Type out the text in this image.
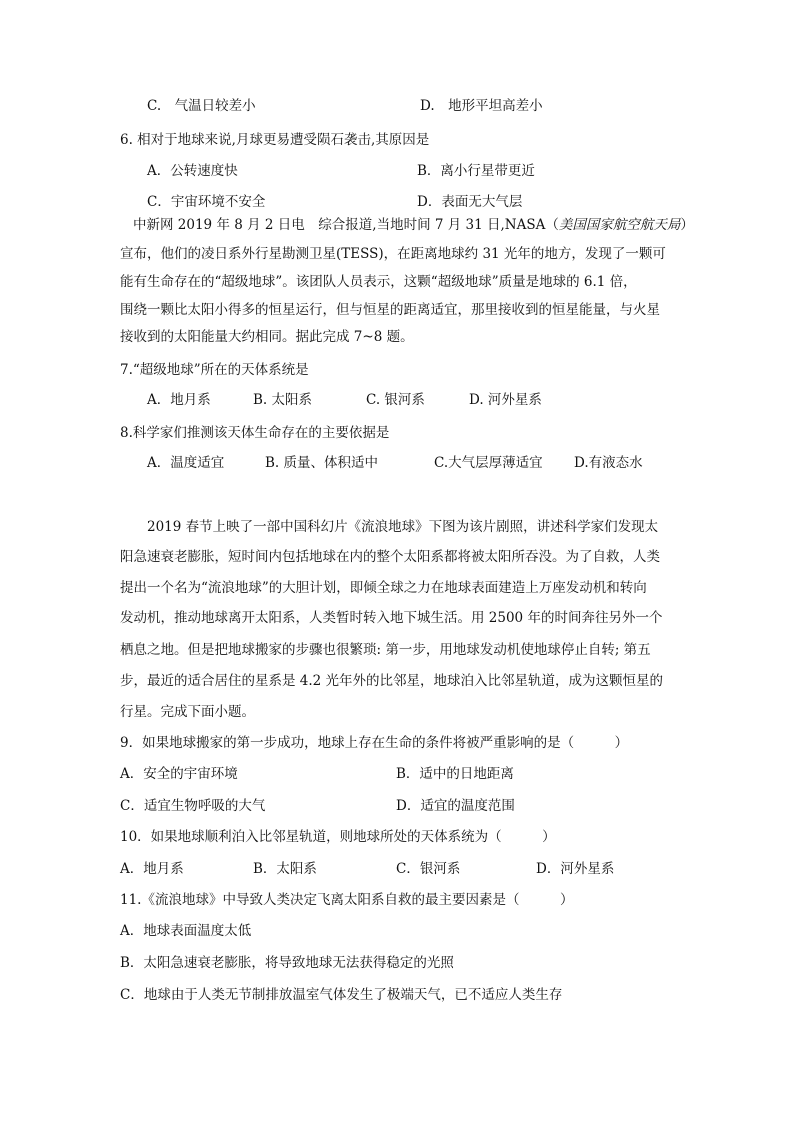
C.　气温日较差小	D.　地形平坦高差小
6. 相对于地球来说,月球更易遭受陨石袭击,其原因是
A．公转速度快	B．离小行星带更近
C．宇宙环境不安全	D．表面无大气层
中新网 2019 年 8 月 2 日电　综合报道,当地时间 7 月 31 日,NASA（美国国家航空航天局）
宣布，他们的凌日系外行星勘测卫星(TESS)，在距离地球约 31 光年的地方，发现了一颗可
能有生命存在的“超级地球”。该团队人员表示，这颗“超级地球”质量是地球的 6.1 倍，
围绕一颗比太阳小得多的恒星运行，但与恒星的距离适宜，那里接收到的恒星能量，与火星
接收到的太阳能量大约相同。据此完成 7~8 题。
7.“超级地球”所在的天体系统是
A．地月系	B. 太阳系	C. 银河系	D. 河外星系
8.科学家们推测该天体生命存在的主要依据是
A．温度适宜	B. 质量、体积适中	C.大气层厚薄适宜 D.有液态水
2019 春节上映了一部中国科幻片《流浪地球》下图为该片剧照，讲述科学家们发现太
阳急速衰老膨胀，短时间内包括地球在内的整个太阳系都将被太阳所吞没。为了自救，人类
提出一个名为“流浪地球”的大胆计划，即倾全球之力在地球表面建造上万座发动机和转向
发动机，推动地球离开太阳系，人类暂时转入地下城生活。用 2500 年的时间奔往另外一个
栖息之地。但是把地球搬家的步骤也很繁琐: 第一步，用地球发动机使地球停止自转; 第五
步，最近的适合居住的星系是 4.2 光年外的比邻星，地球泊入比邻星轨道，成为这颗恒星的
行星。完成下面小题。
9．如果地球搬家的第一步成功，地球上存在生命的条件将被严重影响的是（　　　）
A．安全的宇宙环境	B．适中的日地距离
C．适宜生物呼吸的大气	D．适宜的温度范围
10．如果地球顺利泊入比邻星轨道，则地球所处的天体系统为（　　　）
A．地月系	B．太阳系	C．银河系	D．河外星系
11.《流浪地球》中导致人类决定飞离太阳系自救的最主要因素是（　　　）
A．地球表面温度太低
B．太阳急速衰老膨胀，将导致地球无法获得稳定的光照
C．地球由于人类无节制排放温室气体发生了极端天气，已不适应人类生存
